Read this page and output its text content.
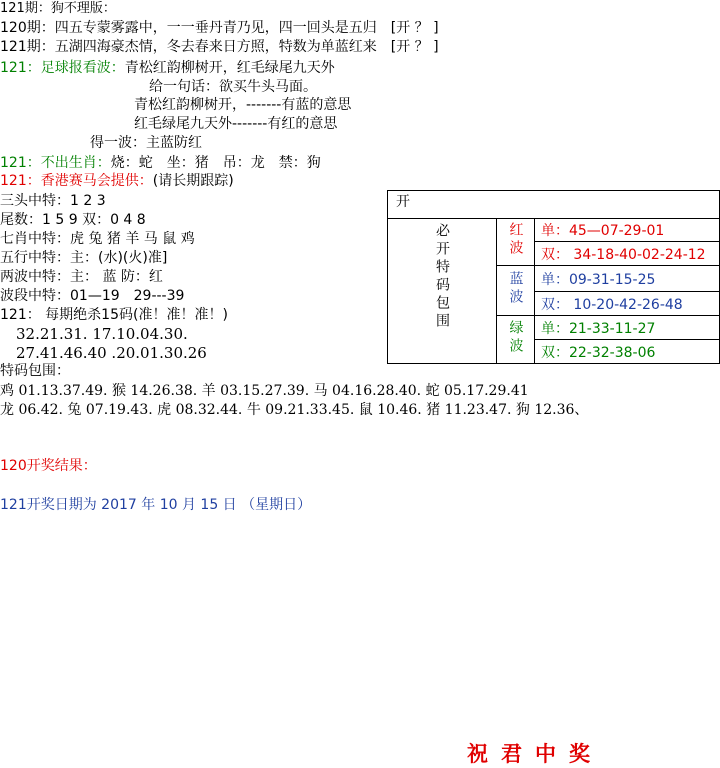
121期：狗不理版：
120期：四五专蒙雾露中，一一垂丹青乃见，四一回头是五归 [开 ？ ]
121期：五湖四海豪杰情，冬去春来日方照，特数为单蓝红来 [开 ？ ]
121：足球报看波：青松红韵柳树开，红毛绿尾九天外
给一句话：欲买牛头马面。
青松红韵柳树开，-------有蓝的意思
红毛绿尾九天外-------有红的意思
得一波：主蓝防红
121：不出生肖：烧：蛇　坐：猪　吊：龙　禁：狗
121：香港赛马会提供：(请长期跟踪)
三头中特：1 2 3
尾数：1 5 9 双：0 4 8
七肖中特：虎 兔 猪 羊 马 鼠 鸡
五行中特：主：(水)(火)准]
两波中特：主： 蓝 防：红
波段中特：01—19　29---39
121： 每期绝杀15码(准！准！准！)
32.21.31. 17.10.04.30.
27.41.46.40 .20.01.30.26
特码包围：
鸡 01.13.37.49. 猴 14.26.38. 羊 03.15.27.39. 马 04.16.28.40. 蛇 05.17.29.41
龙 06.42. 兔 07.19.43. 虎 08.32.44. 牛 09.21.33.45. 鼠 10.46. 猪 11.23.47. 狗 12.36、
120开奖结果：
121开奖日期为 2017 年 10 月 15 日 （星期日）
开		
必开特码包围	红波	单：45—07-29-01
		双： 34-18-40-02-24-12
	蓝波	单：09-31-15-25
		双： 10-20-42-26-48
	绿波	单：21-33-11-27
		双：22-32-38-06
祝君中奖
